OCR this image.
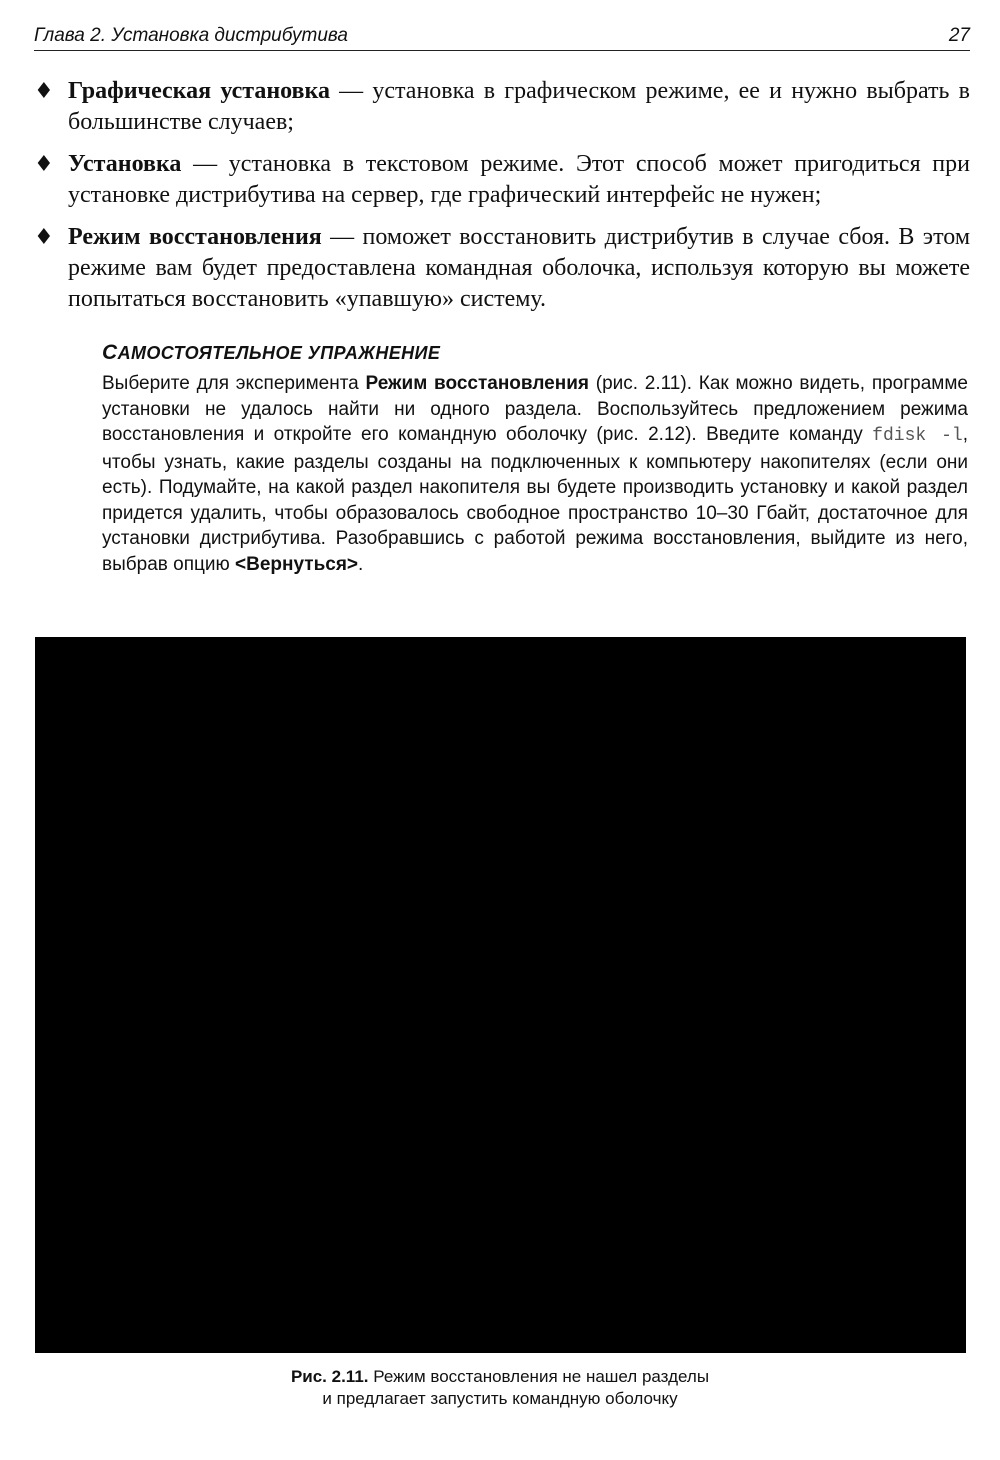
Глава 2. Установка дистрибутива	27
♦ Графическая установка — установка в графическом режиме, ее и нужно выбрать в большинстве случаев;
♦ Установка — установка в текстовом режиме. Этот способ может пригодиться при установке дистрибутива на сервер, где графический интерфейс не нужен;
♦ Режим восстановления — поможет восстановить дистрибутив в случае сбоя. В этом режиме вам будет предоставлена командная оболочка, используя которую вы можете попытаться восстановить «упавшую» систему.
САМОСТОЯТЕЛЬНОЕ УПРАЖНЕНИЕ

Выберите для эксперимента Режим восстановления (рис. 2.11). Как можно видеть, программе установки не удалось найти ни одного раздела. Воспользуйтесь предложением режима восстановления и откройте его командную оболочку (рис. 2.12). Введите команду fdisk -l, чтобы узнать, какие разделы созданы на подключенных к компьютеру накопителях (если они есть). Подумайте, на какой раздел накопителя вы будете производить установку и какой раздел придется удалить, чтобы образовалось свободное пространство 10–30 Гбайт, достаточное для установки дистрибутива. Разобравшись с работой режима восстановления, выйдите из него, выбрав опцию <Вернуться>.

Рис. 2.11. Режим восстановления не нашел разделы
и предлагает запустить командную оболочку
